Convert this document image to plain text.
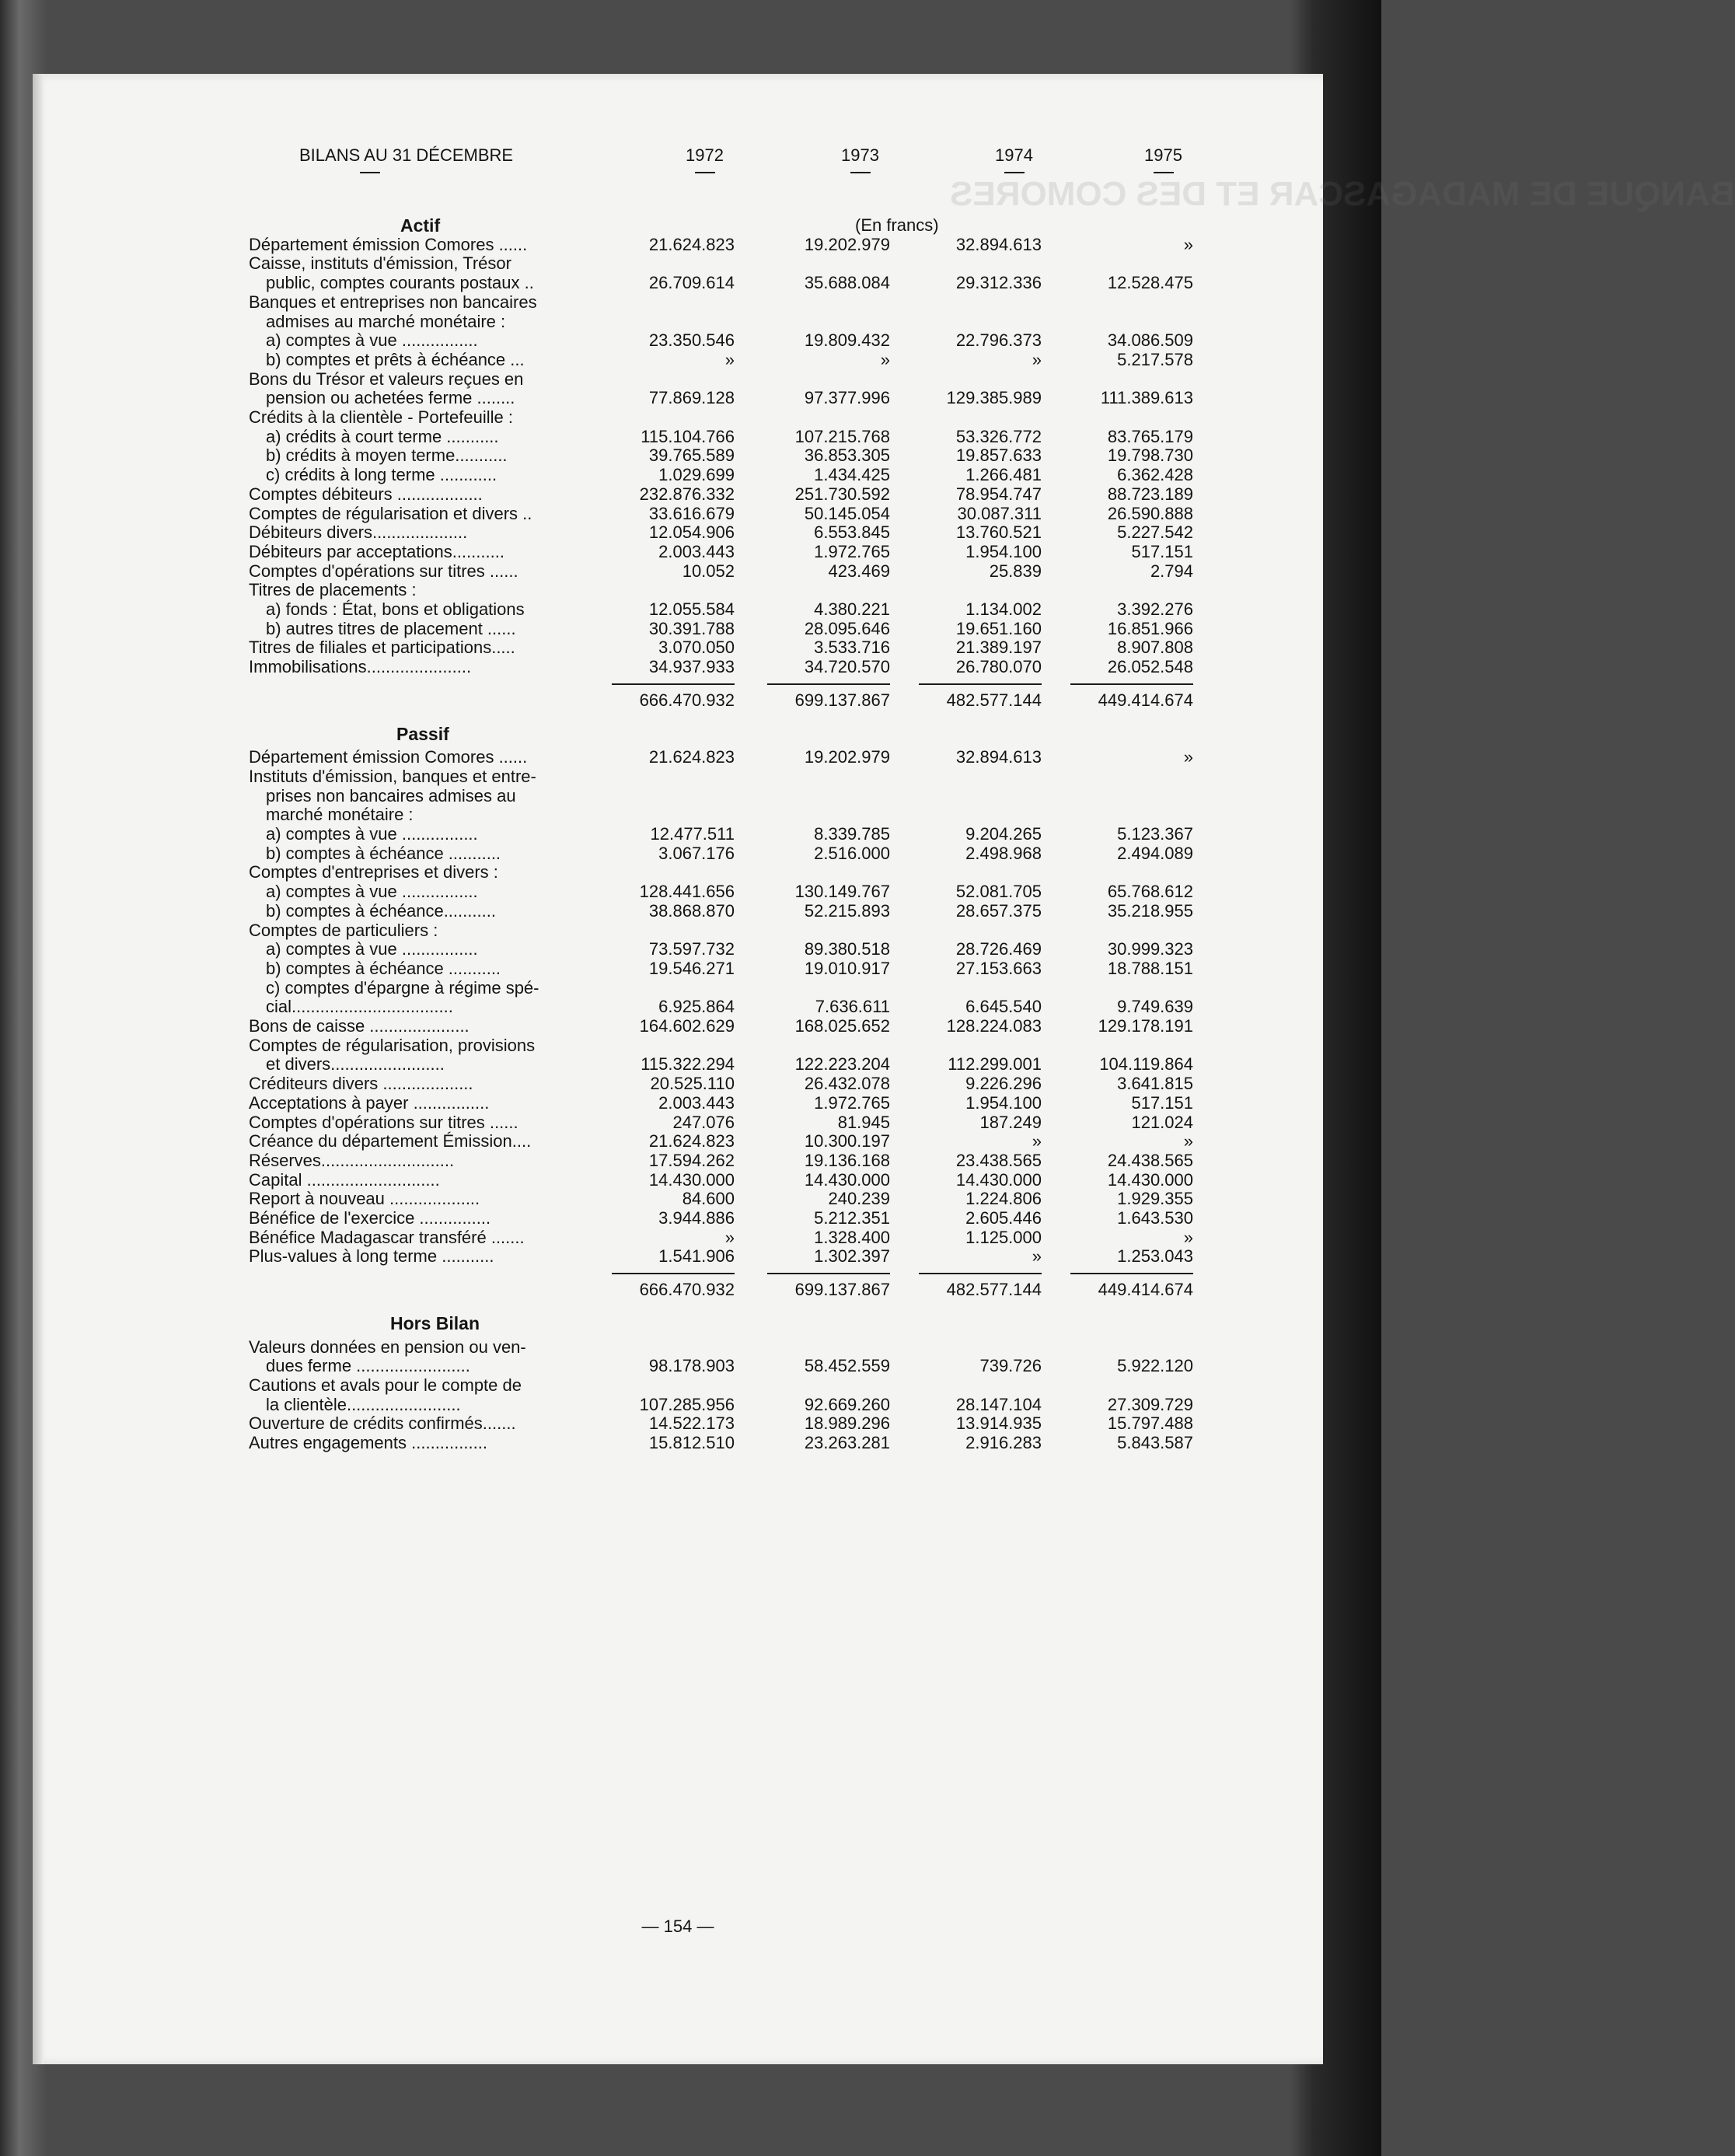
BANQUE DE MADAGASCAR ET DES COMORES
BILANS AU 31 DÉCEMBRE	1972	1973	1974	1975
Actif	(En francs)
Département émission Comores ......	21.624.823	19.202.979	32.894.613	»
Caisse, instituts d'émission, Trésor
public, comptes courants postaux ..	26.709.614	35.688.084	29.312.336	12.528.475
Banques et entreprises non bancaires
admises au marché monétaire :
a) comptes à vue ................	23.350.546	19.809.432	22.796.373	34.086.509
b) comptes et prêts à échéance ...	»	»	»	5.217.578
Bons du Trésor et valeurs reçues en
pension ou achetées ferme ........	77.869.128	97.377.996	129.385.989	111.389.613
Crédits à la clientèle - Portefeuille :
a) crédits à court terme ...........	115.104.766	107.215.768	53.326.772	83.765.179
b) crédits à moyen terme...........	39.765.589	36.853.305	19.857.633	19.798.730
c) crédits à long terme ............	1.029.699	1.434.425	1.266.481	6.362.428
Comptes débiteurs ..................	232.876.332	251.730.592	78.954.747	88.723.189
Comptes de régularisation et divers ..	33.616.679	50.145.054	30.087.311	26.590.888
Débiteurs divers....................	12.054.906	6.553.845	13.760.521	5.227.542
Débiteurs par acceptations...........	2.003.443	1.972.765	1.954.100	517.151
Comptes d'opérations sur titres ......	10.052	423.469	25.839	2.794
Titres de placements :
a) fonds : État, bons et obligations	12.055.584	4.380.221	1.134.002	3.392.276
b) autres titres de placement ......	30.391.788	28.095.646	19.651.160	16.851.966
Titres de filiales et participations.....	3.070.050	3.533.716	21.389.197	8.907.808
Immobilisations......................	34.937.933	34.720.570	26.780.070	26.052.548
666.470.932	699.137.867	482.577.144	449.414.674
Passif
Département émission Comores ......	21.624.823	19.202.979	32.894.613	»
Instituts d'émission, banques et entre-
prises non bancaires admises au
marché monétaire :
a) comptes à vue ................	12.477.511	8.339.785	9.204.265	5.123.367
b) comptes à échéance ...........	3.067.176	2.516.000	2.498.968	2.494.089
Comptes d'entreprises et divers :
a) comptes à vue ................	128.441.656	130.149.767	52.081.705	65.768.612
b) comptes à échéance...........	38.868.870	52.215.893	28.657.375	35.218.955
Comptes de particuliers :
a) comptes à vue ................	73.597.732	89.380.518	28.726.469	30.999.323
b) comptes à échéance ...........	19.546.271	19.010.917	27.153.663	18.788.151
c) comptes d'épargne à régime spé-
cial..................................	6.925.864	7.636.611	6.645.540	9.749.639
Bons de caisse .....................	164.602.629	168.025.652	128.224.083	129.178.191
Comptes de régularisation, provisions
et divers........................	115.322.294	122.223.204	112.299.001	104.119.864
Créditeurs divers ...................	20.525.110	26.432.078	9.226.296	3.641.815
Acceptations à payer ................	2.003.443	1.972.765	1.954.100	517.151
Comptes d'opérations sur titres ......	247.076	81.945	187.249	121.024
Créance du département Émission....	21.624.823	10.300.197	»	»
Réserves............................	17.594.262	19.136.168	23.438.565	24.438.565
Capital ............................	14.430.000	14.430.000	14.430.000	14.430.000
Report à nouveau ...................	84.600	240.239	1.224.806	1.929.355
Bénéfice de l'exercice ...............	3.944.886	5.212.351	2.605.446	1.643.530
Bénéfice Madagascar transféré .......	»	1.328.400	1.125.000	»
Plus-values à long terme ...........	1.541.906	1.302.397	»	1.253.043
666.470.932	699.137.867	482.577.144	449.414.674
Hors Bilan
Valeurs données en pension ou ven-
dues ferme ........................	98.178.903	58.452.559	739.726	5.922.120
Cautions et avals pour le compte de
la clientèle........................	107.285.956	92.669.260	28.147.104	27.309.729
Ouverture de crédits confirmés.......	14.522.173	18.989.296	13.914.935	15.797.488
Autres engagements ................	15.812.510	23.263.281	2.916.283	5.843.587
— 154 —
